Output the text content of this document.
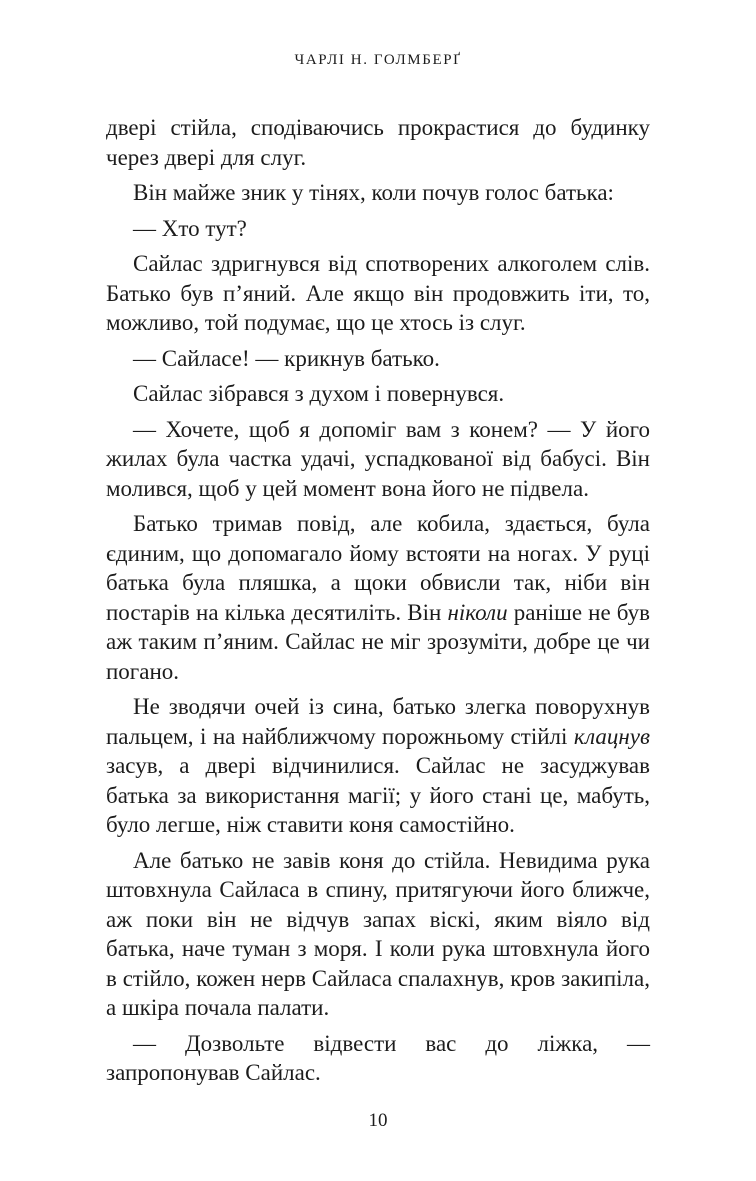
ЧАРЛІ Н. ГОЛМБЕРҐ

двері стійла, сподіваючись прокрастися до будинку через двері для слуг.

Він майже зник у тінях, коли почув голос батька:

— Хто тут?

Сайлас здригнувся від спотворених алкоголем слів. Батько був п’яний. Але якщо він продовжить іти, то, можливо, той подумає, що це хтось із слуг.

— Сайласе! — крикнув батько.

Сайлас зібрався з духом і повернувся.

— Хочете, щоб я допоміг вам з конем? — У його жилах була частка удачі, успадкованої від бабусі. Він молився, щоб у цей момент вона його не підвела.

Батько тримав повід, але кобила, здається, була єдиним, що допомагало йому встояти на ногах. У руці батька була пляшка, а щоки обвисли так, ніби він постарів на кілька десятиліть. Він ніколи раніше не був аж таким п’яним. Сайлас не міг зрозуміти, добре це чи погано.

Не зводячи очей із сина, батько злегка поворухнув пальцем, і на найближчому порожньому стійлі клацнув засув, а двері відчинилися. Сайлас не засуджував батька за використання магії; у його стані це, мабуть, було легше, ніж ставити коня самостійно.

Але батько не завів коня до стійла. Невидима рука штовхнула Сайласа в спину, притягуючи його ближче, аж поки він не відчув запах віскі, яким віяло від батька, наче туман з моря. І коли рука штовхнула його в стійло, кожен нерв Сайласа спалахнув, кров закипіла, а шкіра почала палати.

— Дозвольте відвести вас до ліжка, — запропонував Сайлас.

10
